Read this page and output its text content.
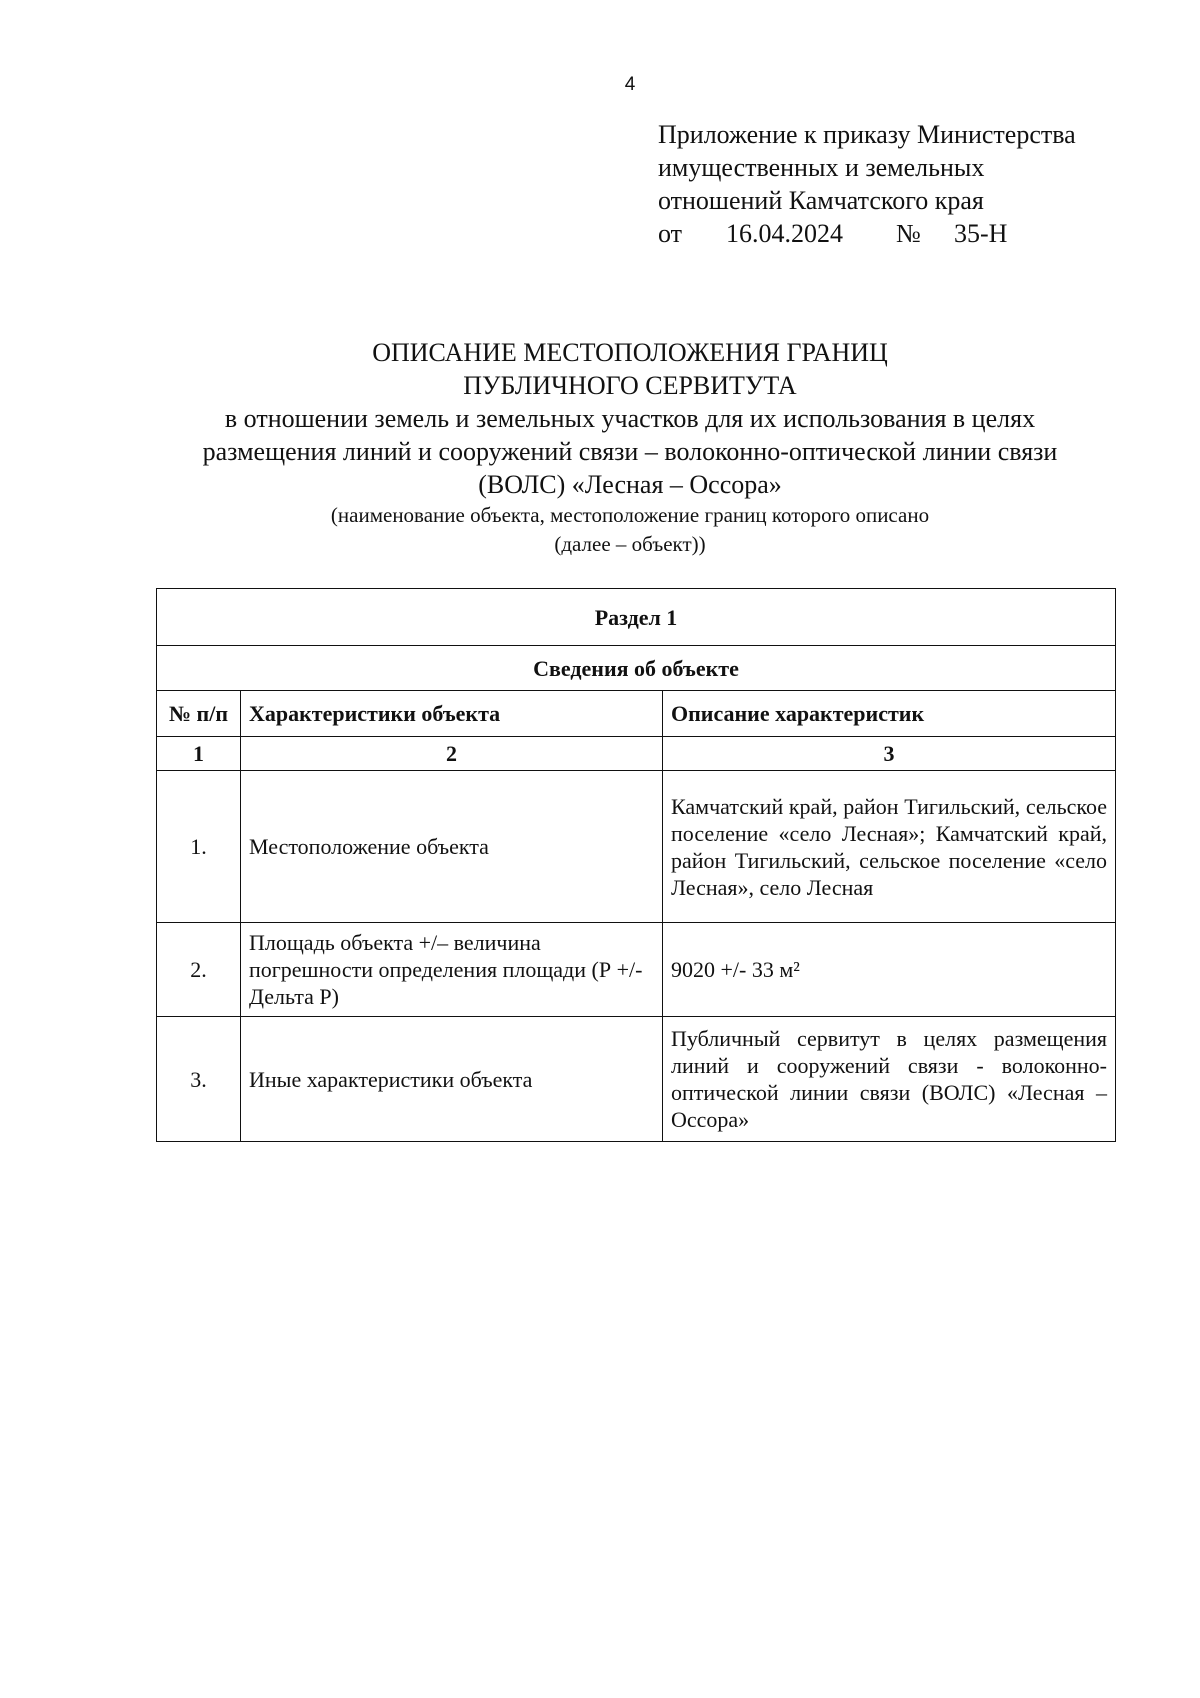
4
Приложение к приказу Министерства
имущественных и земельных
отношений Камчатского края
от 16.04.2024 № 35-Н
ОПИСАНИЕ МЕСТОПОЛОЖЕНИЯ ГРАНИЦ
ПУБЛИЧНОГО СЕРВИТУТА
в отношении земель и земельных участков для их использования в целях
размещения линий и сооружений связи – волоконно-оптической линии связи
(ВОЛС) «Лесная – Оссора»
(наименование объекта, местоположение границ которого описано
(далее – объект))
Раздел 1		
Сведения об объекте		
№ п/п	Характеристики объекта	Описание характеристик
1	2	3
1.	Местоположение объекта	Камчатский край, район Тигильский, сельское поселение «село Лесная»; Камчатский край, район Тигильский, сельское поселение «село Лесная», село Лесная
2.	Площадь объекта +/– величина погрешности определения площади (Р +/- Дельта Р)	9020 +/- 33 м²
3.	Иные характеристики объекта	Публичный сервитут в целях размещения линий и сооружений связи - волоконно-оптической линии связи (ВОЛС) «Лесная – Оссора»
